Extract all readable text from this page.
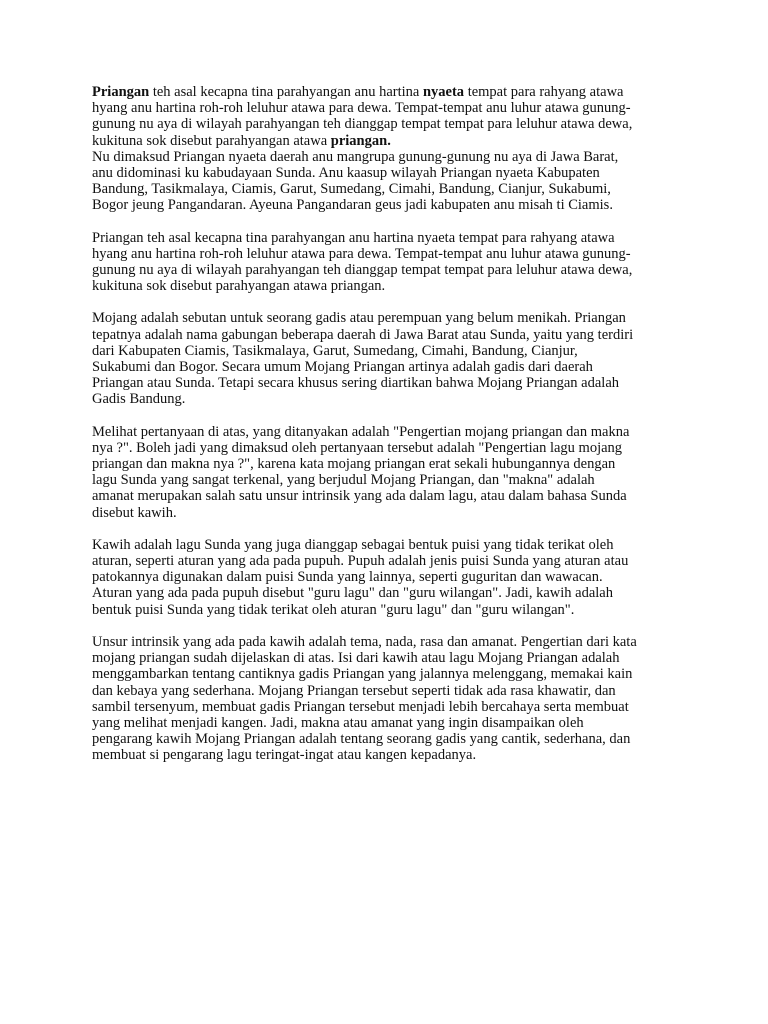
Priangan teh asal kecapna tina parahyangan anu hartina nyaeta tempat para rahyang atawa
hyang anu hartina roh-roh leluhur atawa para dewa. Tempat-tempat anu luhur atawa gunung-
gunung nu aya di wilayah parahyangan teh dianggap tempat tempat para leluhur atawa dewa,
kukituna sok disebut parahyangan atawa priangan.
Nu dimaksud Priangan nyaeta daerah anu mangrupa gunung-gunung nu aya di Jawa Barat,
anu didominasi ku kabudayaan Sunda. Anu kaasup wilayah Priangan nyaeta Kabupaten
Bandung, Tasikmalaya, Ciamis, Garut, Sumedang, Cimahi, Bandung, Cianjur, Sukabumi,
Bogor jeung Pangandaran. Ayeuna Pangandaran geus jadi kabupaten anu misah ti Ciamis.
Priangan teh asal kecapna tina parahyangan anu hartina nyaeta tempat para rahyang atawa
hyang anu hartina roh-roh leluhur atawa para dewa. Tempat-tempat anu luhur atawa gunung-
gunung nu aya di wilayah parahyangan teh dianggap tempat tempat para leluhur atawa dewa,
kukituna sok disebut parahyangan atawa priangan.
Mojang adalah sebutan untuk seorang gadis atau perempuan yang belum menikah. Priangan
tepatnya adalah nama gabungan beberapa daerah di Jawa Barat atau Sunda, yaitu yang terdiri
dari Kabupaten Ciamis, Tasikmalaya, Garut, Sumedang, Cimahi, Bandung, Cianjur,
Sukabumi dan Bogor. Secara umum Mojang Priangan artinya adalah gadis dari daerah
Priangan atau Sunda. Tetapi secara khusus sering diartikan bahwa Mojang Priangan adalah
Gadis Bandung.
Melihat pertanyaan di atas, yang ditanyakan adalah "Pengertian mojang priangan dan makna
nya ?". Boleh jadi yang dimaksud oleh pertanyaan tersebut adalah "Pengertian lagu mojang
priangan dan makna nya ?", karena kata mojang priangan erat sekali hubungannya dengan
lagu Sunda yang sangat terkenal, yang berjudul Mojang Priangan, dan "makna" adalah
amanat merupakan salah satu unsur intrinsik yang ada dalam lagu, atau dalam bahasa Sunda
disebut kawih.
Kawih adalah lagu Sunda yang juga dianggap sebagai bentuk puisi yang tidak terikat oleh
aturan, seperti aturan yang ada pada pupuh. Pupuh adalah jenis puisi Sunda yang aturan atau
patokannya digunakan dalam puisi Sunda yang lainnya, seperti guguritan dan wawacan.
Aturan yang ada pada pupuh disebut "guru lagu" dan "guru wilangan". Jadi, kawih adalah
bentuk puisi Sunda yang tidak terikat oleh aturan "guru lagu" dan "guru wilangan".
Unsur intrinsik yang ada pada kawih adalah tema, nada, rasa dan amanat. Pengertian dari kata
mojang priangan sudah dijelaskan di atas. Isi dari kawih atau lagu Mojang Priangan adalah
menggambarkan tentang cantiknya gadis Priangan yang jalannya melenggang, memakai kain
dan kebaya yang sederhana. Mojang Priangan tersebut seperti tidak ada rasa khawatir, dan
sambil tersenyum, membuat gadis Priangan tersebut menjadi lebih bercahaya serta membuat
yang melihat menjadi kangen. Jadi, makna atau amanat yang ingin disampaikan oleh
pengarang kawih Mojang Priangan adalah tentang seorang gadis yang cantik, sederhana, dan
membuat si pengarang lagu teringat-ingat atau kangen kepadanya.
